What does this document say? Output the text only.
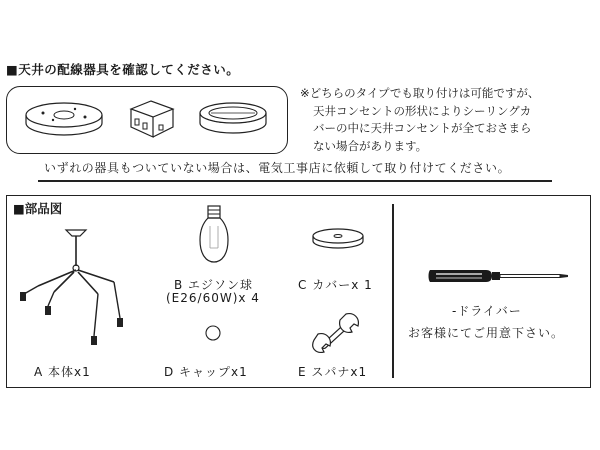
■天井の配線器具を確認してください。
※どちらのタイプでも取り付けは可能ですが、
天井コンセントの形状によりシーリングカ
バーの中に天井コンセントが全ておさまら
ない場合があります。
いずれの器具もついていない場合は、電気工事店に依頼して取り付けてください。
■部品図
A 本体x1
B エジソン球
(E26/60W)x 4
D キャップx1
C カバーx 1
E スパナx1
-ドライバー
お客様にてご用意下さい。
